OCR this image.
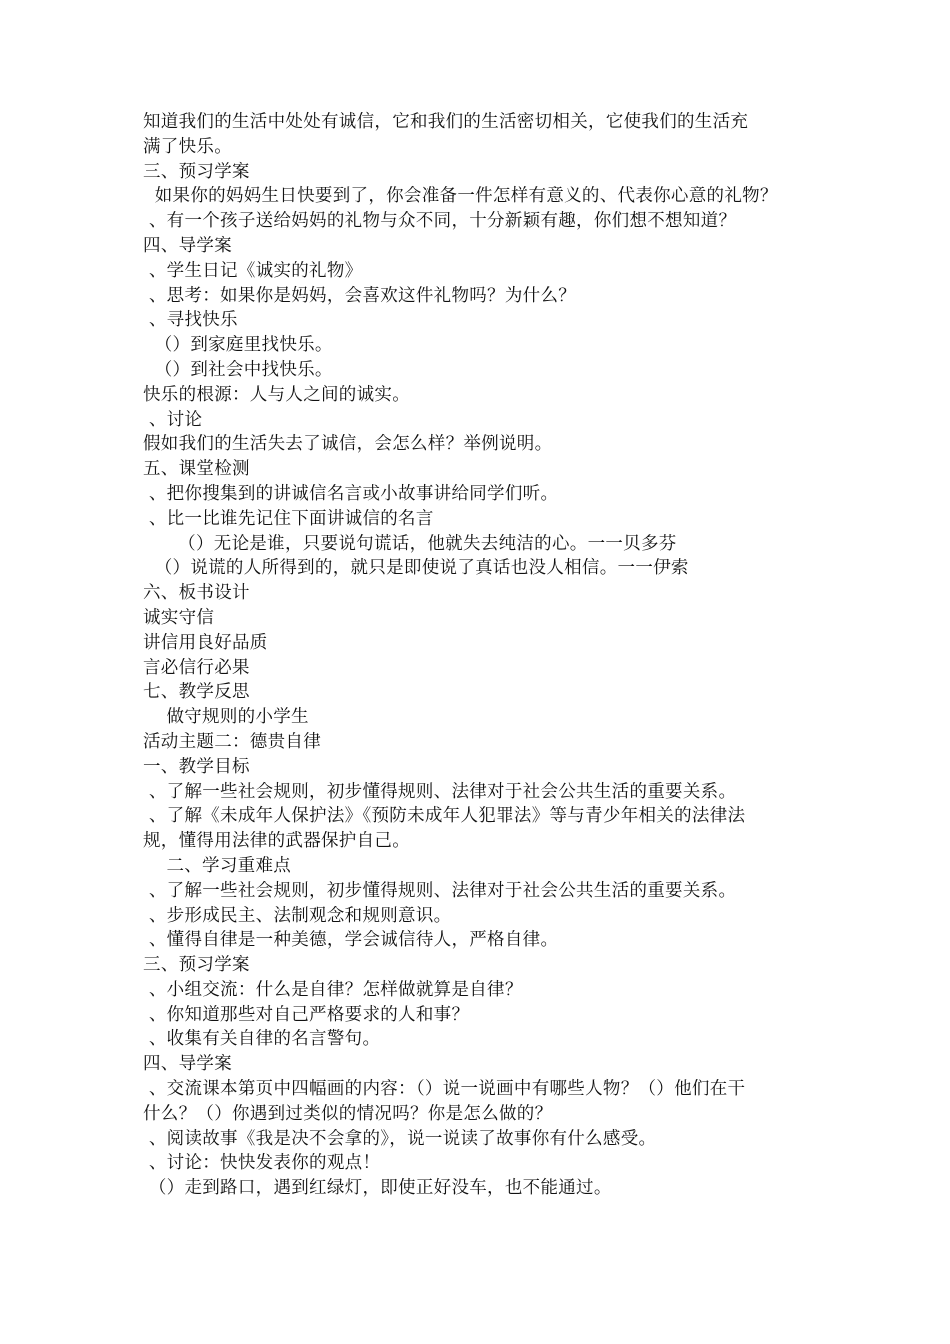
知道我们的生活中处处有诚信，它和我们的生活密切相关，它使我们的生活充
满了快乐。
三、预习学案
如果你的妈妈生日快要到了，你会准备一件怎样有意义的、代表你心意的礼物？
、有一个孩子送给妈妈的礼物与众不同，十分新颖有趣，你们想不想知道？
四、导学案
、学生日记《诚实的礼物》
、思考：如果你是妈妈，会喜欢这件礼物吗？为什么？
、寻找快乐
（）到家庭里找快乐。
（）到社会中找快乐。
快乐的根源：人与人之间的诚实。
、讨论
假如我们的生活失去了诚信，会怎么样？举例说明。
五、课堂检测
、把你搜集到的讲诚信名言或小故事讲给同学们听。
、比一比谁先记住下面讲诚信的名言
（）无论是谁，只要说句谎话，他就失去纯洁的心。一一贝多芬
（）说谎的人所得到的，就只是即使说了真话也没人相信。一一伊索
六、板书设计
诚实守信
讲信用良好品质
言必信行必果
七、教学反思
做守规则的小学生
活动主题二：德贵自律
一、教学目标
、了解一些社会规则，初步懂得规则、法律对于社会公共生活的重要关系。
、了解《未成年人保护法》《预防未成年人犯罪法》等与青少年相关的法律法
规，懂得用法律的武器保护自己。
二、学习重难点
、了解一些社会规则，初步懂得规则、法律对于社会公共生活的重要关系。
、步形成民主、法制观念和规则意识。
、懂得自律是一种美德，学会诚信待人，严格自律。
三、预习学案
、小组交流：什么是自律？怎样做就算是自律？
、你知道那些对自己严格要求的人和事？
、收集有关自律的名言警句。
四、导学案
、交流课本第页中四幅画的内容：（）说一说画中有哪些人物？（）他们在干
什么？（）你遇到过类似的情况吗？你是怎么做的？
、阅读故事《我是决不会拿的》，说一说读了故事你有什么感受。
、讨论：快快发表你的观点！
（）走到路口，遇到红绿灯，即使正好没车，也不能通过。
